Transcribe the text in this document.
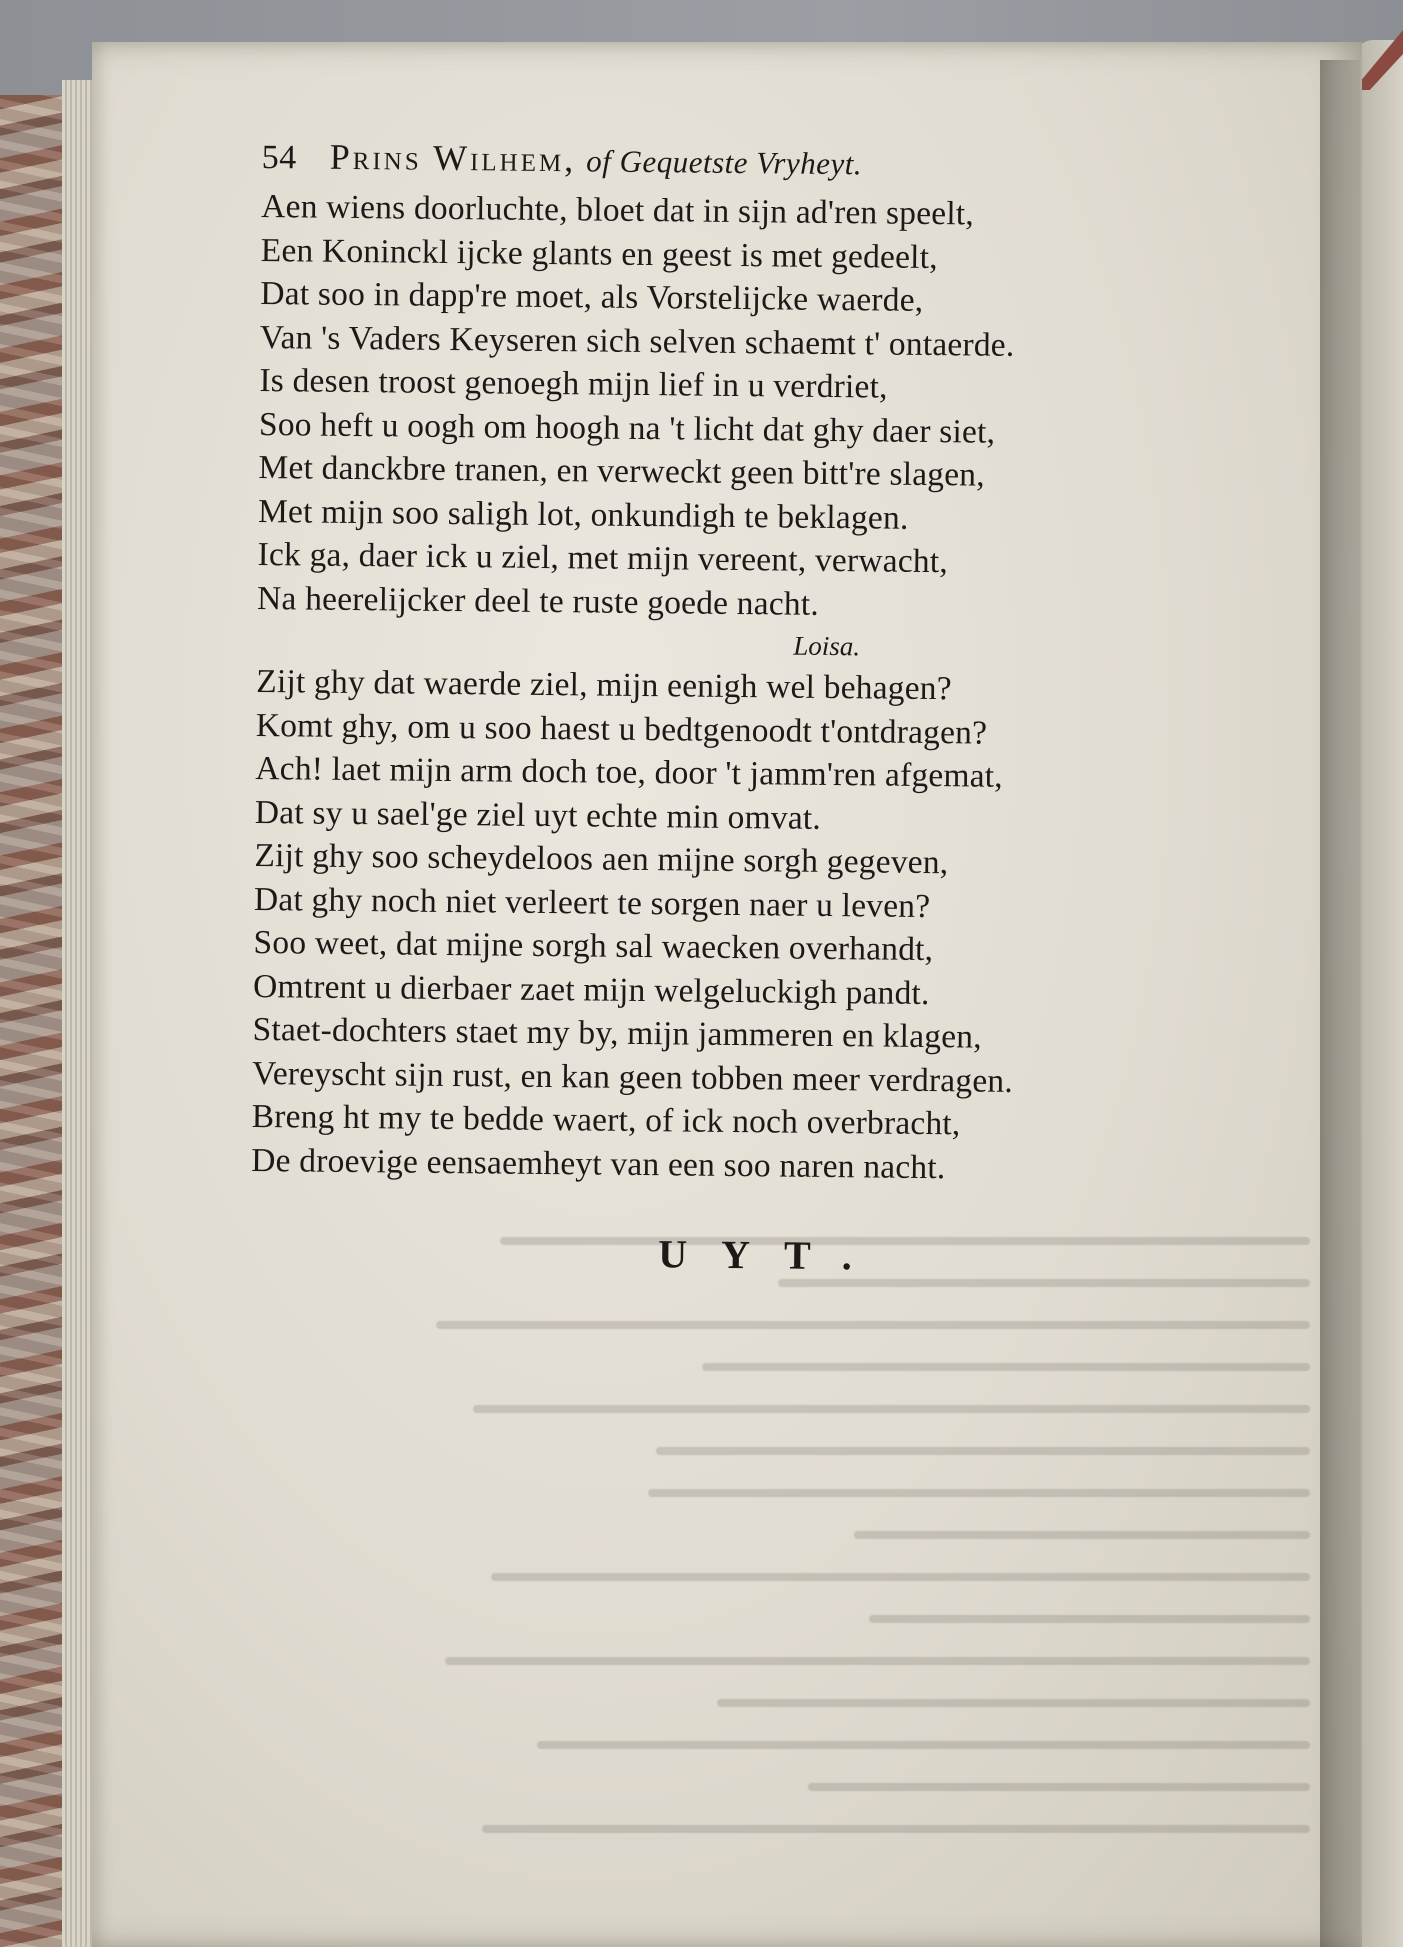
54 Prins Wilhem, of Gequetste Vryheyt.
Aen wiens doorluchte, bloet dat in sijn ad'ren speelt,
Een Koninckl ijcke glants en geest is met gedeelt,
Dat soo in dapp're moet, als Vorstelijcke waerde,
Van 's Vaders Keyseren sich selven schaemt t' ontaerde.
Is desen troost genoegh mijn lief in u verdriet,
Soo heft u oogh om hoogh na 't licht dat ghy daer siet,
Met danckbre tranen, en verweckt geen bitt're slagen,
Met mijn soo saligh lot, onkundigh te beklagen.
Ick ga, daer ick u ziel, met mijn vereent, verwacht,
Na heerelijcker deel te ruste goede nacht.
Loisa.
Zijt ghy dat waerde ziel, mijn eenigh wel behagen?
Komt ghy, om u soo haest u bedtgenoodt t'ontdragen?
Ach! laet mijn arm doch toe, door 't jamm'ren afgemat,
Dat sy u sael'ge ziel uyt echte min omvat.
Zijt ghy soo scheydeloos aen mijne sorgh gegeven,
Dat ghy noch niet verleert te sorgen naer u leven?
Soo weet, dat mijne sorgh sal waecken overhandt,
Omtrent u dierbaer zaet mijn welgeluckigh pandt.
Staet-dochters staet my by, mijn jammeren en klagen,
Vereyscht sijn rust, en kan geen tobben meer verdragen.
Breng ht my te bedde waert, of ick noch overbracht,
De droevige eensaemheyt van een soo naren nacht.
UYT.
